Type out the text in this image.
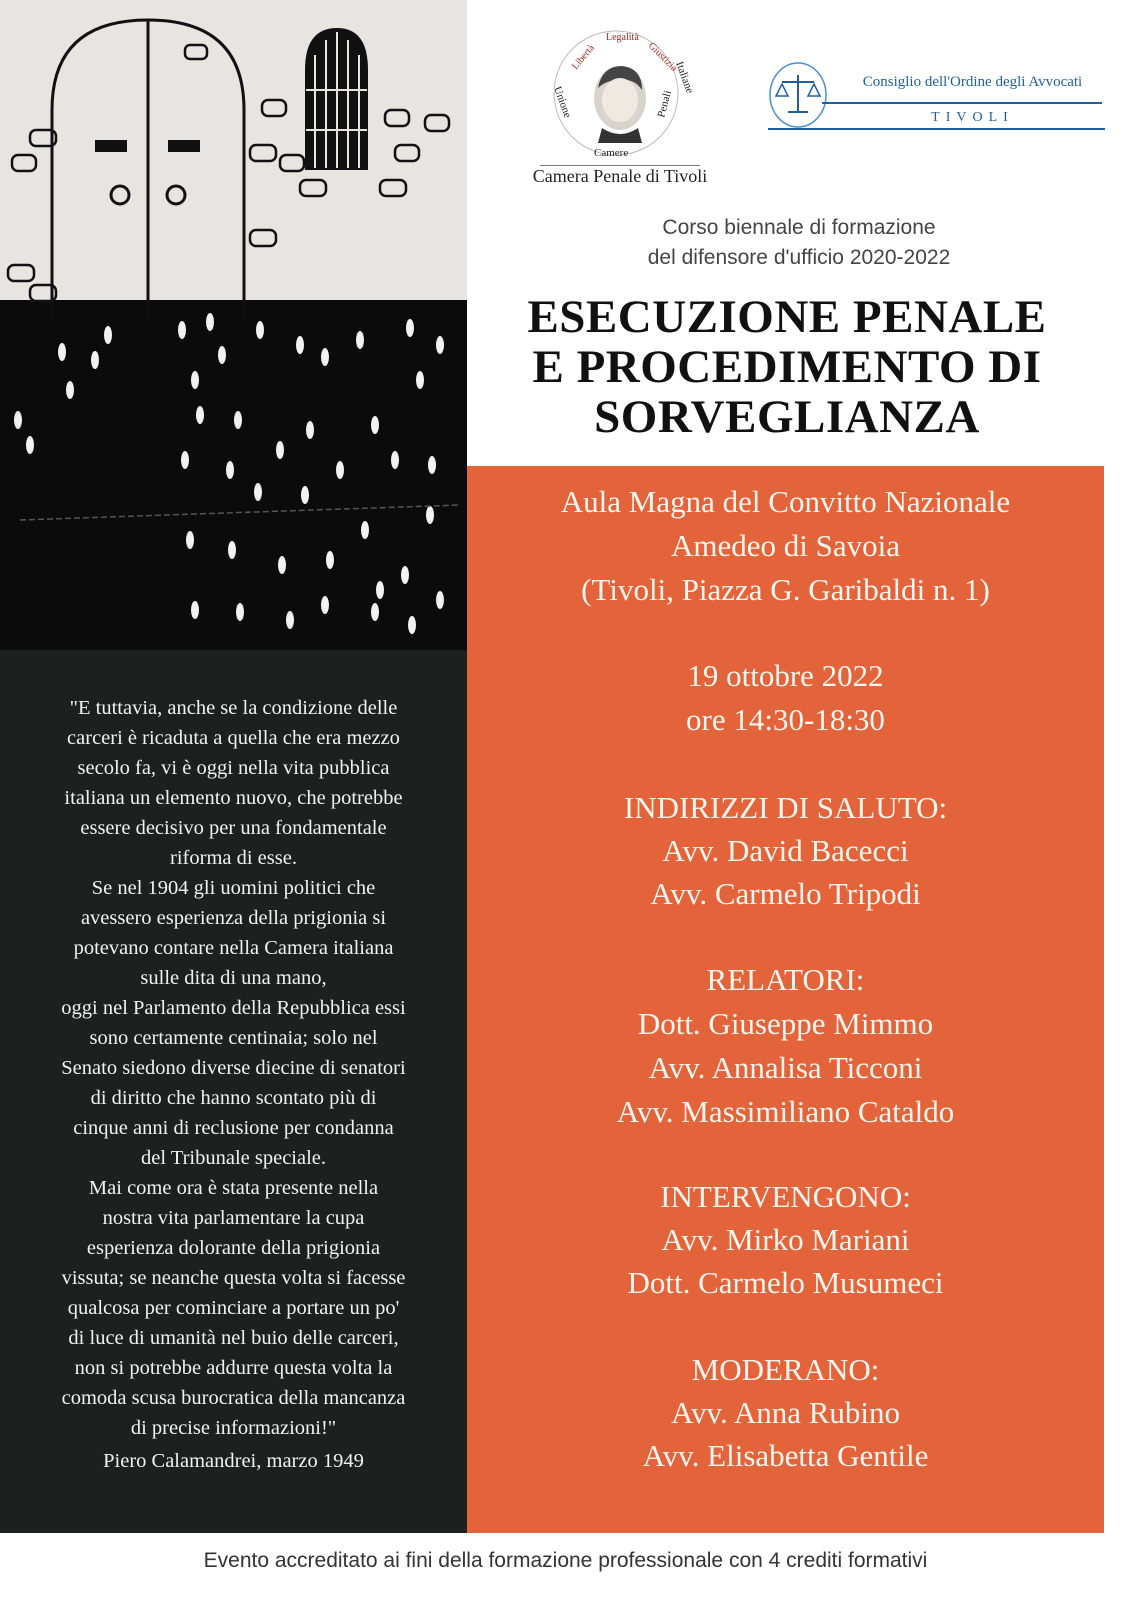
Libertà
Legalità
Giustizia
Unione
Camere
Penali
Italiane
Camera Penale di Tivoli
Consiglio dell'Ordine degli Avvocati
TIVOLI
Corso biennale di formazione
del difensore d'ufficio 2020-2022
ESECUZIONE PENALE
E PROCEDIMENTO DI
SORVEGLIANZA
Aula Magna del Convitto Nazionale
Amedeo di Savoia
(Tivoli, Piazza G. Garibaldi n. 1)
19 ottobre 2022
ore 14:30-18:30
INDIRIZZI DI SALUTO:
Avv. David Bacecci
Avv. Carmelo Tripodi
RELATORI:
Dott. Giuseppe Mimmo
Avv. Annalisa Ticconi
Avv. Massimiliano Cataldo
INTERVENGONO:
Avv. Mirko Mariani
Dott. Carmelo Musumeci
MODERANO:
Avv. Anna Rubino
Avv. Elisabetta Gentile
"E tuttavia, anche se la condizione delle
carceri è ricaduta a quella che era mezzo
secolo fa, vi è oggi nella vita pubblica
italiana un elemento nuovo, che potrebbe
essere decisivo per una fondamentale
riforma di esse.
Se nel 1904 gli uomini politici che
avessero esperienza della prigionia si
potevano contare nella Camera italiana
sulle dita di una mano,
oggi nel Parlamento della Repubblica essi
sono certamente centinaia; solo nel
Senato siedono diverse diecine di senatori
di diritto che hanno scontato più di
cinque anni di reclusione per condanna
del Tribunale speciale.
Mai come ora è stata presente nella
nostra vita parlamentare la cupa
esperienza dolorante della prigionia
vissuta; se neanche questa volta si facesse
qualcosa per cominciare a portare un po'
di luce di umanità nel buio delle carceri,
non si potrebbe addurre questa volta la
comoda scusa burocratica della mancanza
di precise informazioni!"
Piero Calamandrei, marzo 1949
Evento accreditato ai fini della formazione professionale con 4 crediti formativi
